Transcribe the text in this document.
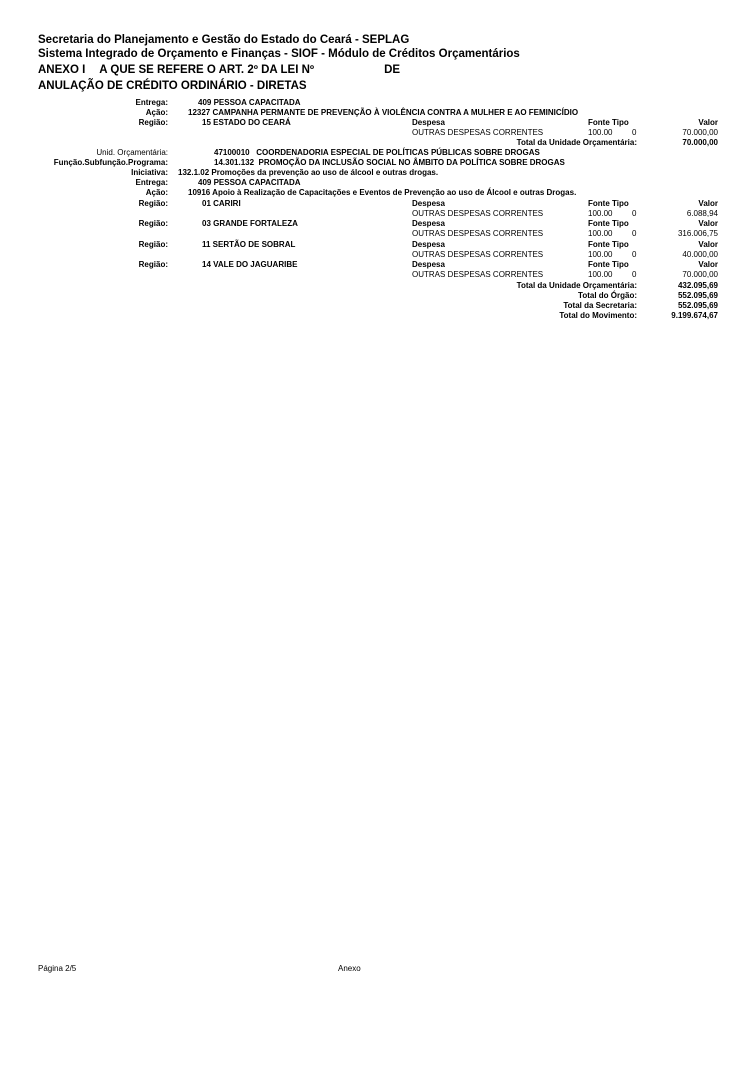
Secretaria do Planejamento e Gestão do Estado do Ceará - SEPLAG
Sistema Integrado de Orçamento e Finanças - SIOF - Módulo de Créditos Orçamentários
ANEXO I A QUE SE REFERE O ART. 2º DA LEI Nº	DE
ANULAÇÃO DE CRÉDITO ORDINÁRIO - DIRETAS
Entrega:	409 PESSOA CAPACITADA
Ação:	12327 CAMPANHA PERMANTE DE PREVENÇÃO À VIOLÊNCIA CONTRA A MULHER E AO FEMINICÍDIO
Região:	15 ESTADO DO CEARÁ	Despesa	Fonte Tipo	Valor
OUTRAS DESPESAS CORRENTES	100.00 0	70.000,00
Total da Unidade Orçamentária:	70.000,00
Unid. Orçamentária:	47100010   COORDENADORIA ESPECIAL DE POLÍTICAS PÚBLICAS SOBRE DROGAS
Função.Subfunção.Programa:	14.301.132  PROMOÇÃO DA INCLUSÃO SOCIAL NO ÂMBITO DA POLÍTICA SOBRE DROGAS
Iniciativa: 132.1.02 Promoções da prevenção ao uso de álcool e outras drogas.
Entrega:	409 PESSOA CAPACITADA
Ação:	10916 Apoio à Realização de Capacitações e Eventos de Prevenção ao uso de Álcool e outras Drogas.
Região:	01 CARIRI	Despesa	Fonte Tipo	Valor
OUTRAS DESPESAS CORRENTES	100.00 0	6.088,94
Região:	03 GRANDE FORTALEZA	Despesa	Fonte Tipo	Valor
OUTRAS DESPESAS CORRENTES	100.00 0	316.006,75
Região:	11 SERTÃO DE SOBRAL	Despesa	Fonte Tipo	Valor
OUTRAS DESPESAS CORRENTES	100.00 0	40.000,00
Região:	14 VALE DO JAGUARIBE	Despesa	Fonte Tipo	Valor
OUTRAS DESPESAS CORRENTES	100.00 0	70.000,00
Total da Unidade Orçamentária:	432.095,69
Total do Órgão:	552.095,69
Total da Secretaria:	552.095,69
Total do Movimento:	9.199.674,67
Página 2/5	Anexo
